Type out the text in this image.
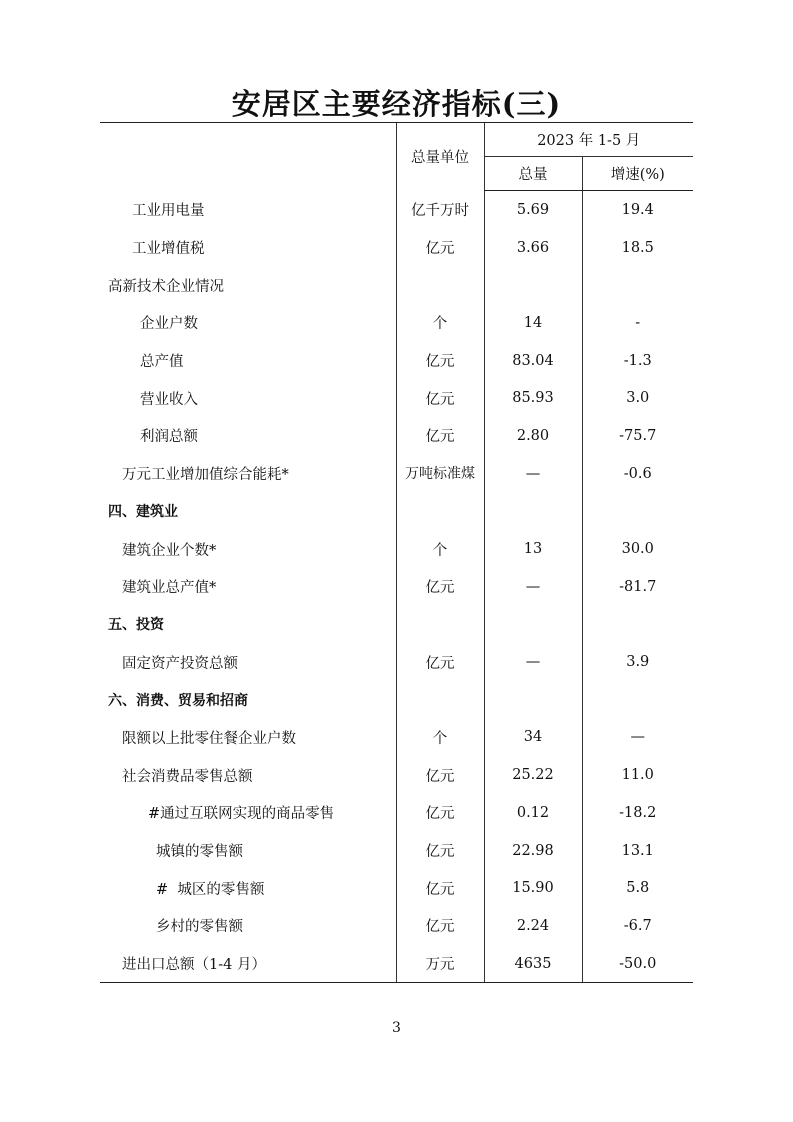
安居区主要经济指标(三)
	总量单位	2023 年 1-5 月	
		总量	增速(%)
工业用电量	亿千万时	5.69	19.4
工业增值税	亿元	3.66	18.5
高新技术企业情况			
企业户数	个	14	-
总产值	亿元	83.04	-1.3
营业收入	亿元	85.93	3.0
利润总额	亿元	2.80	-75.7
万元工业增加值综合能耗*	万吨标准煤	—	-0.6
四、建筑业			
建筑企业个数*	个	13	30.0
建筑业总产值*	亿元	—	-81.7
五、投资			
固定资产投资总额	亿元	—	3.9
六、消费、贸易和招商			
限额以上批零住餐企业户数	个	34	—
社会消费品零售总额	亿元	25.22	11.0
#通过互联网实现的商品零售	亿元	0.12	-18.2
城镇的零售额	亿元	22.98	13.1
#  城区的零售额	亿元	15.90	5.8
乡村的零售额	亿元	2.24	-6.7
进出口总额（1-4 月）	万元	4635	-50.0
3
